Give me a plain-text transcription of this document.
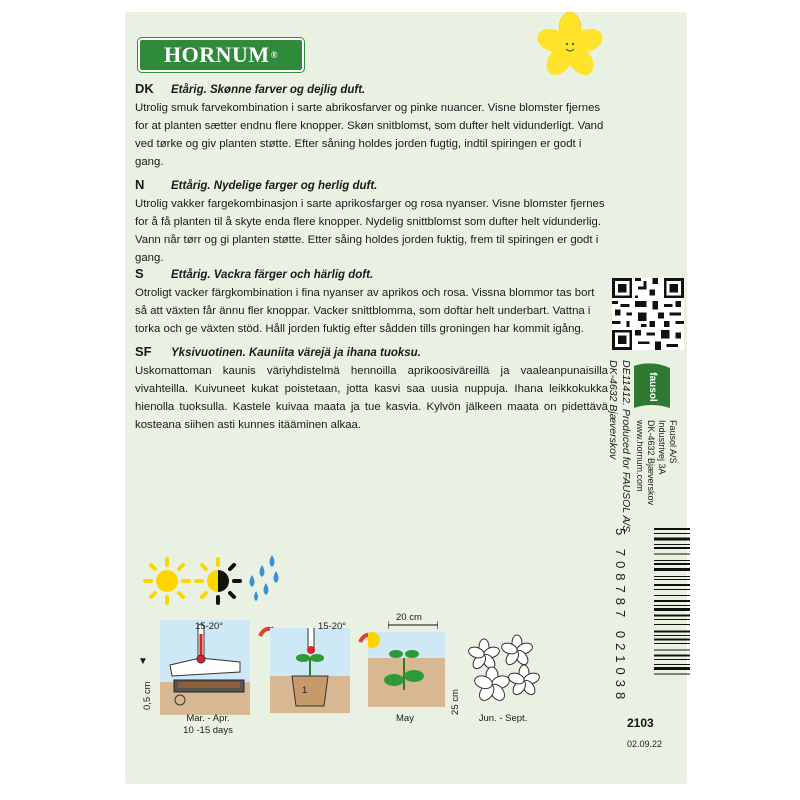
HORNUM ®
DK Etårig. Skønne farver og dejlig duft.
Utrolig smuk farvekombination i sarte abrikosfarver og pinke nuancer. Visne blomster fjernes for at planten sætter endnu flere knopper. Skøn snitblomst, som dufter helt vidunderligt. Vand ved tørke og giv planten støtte. Efter såning holdes jorden fugtig, indtil spiringen er godt i gang.
N Ettårig. Nydelige farger og herlig duft.
Utrolig vakker fargekombinasjon i sarte aprikosfarger og rosa nyanser. Visne blomster fjernes for å få planten til å skyte enda flere knopper. Nydelig snittblomst som dufter helt vidunderlig. Vann når tørr og gi planten støtte. Etter såing holdes jorden fuktig, frem til spiringen er godt i gang.
S Ettårig. Vackra färger och härlig doft.
Otroligt vacker färgkombination i fina nyanser av aprikos och rosa. Vissna blommor tas bort så att växten får ännu fler knoppar. Vacker snittblomma, som doftar helt underbart. Vattna i torka och ge växten stöd. Håll jorden fuktig efter sådden tills groningen har kommit igång.
SF Yksivuotinen. Kauniita värejä ja ihana tuoksu.
Uskomattoman kaunis väriyhdistelmä hennoilla aprikoosiväreillä ja vaaleanpunaisilla vivahteilla. Kuivuneet kukat poistetaan, jotta kasvi saa uusia nuppuja. Ihana leikkokukka hienolla tuoksulla. Kastele kuivaa maata ja tue kasvia. Kylvön jälkeen maata on pidettävä kosteana siihen asti kunnes itääminen alkaa.
fausol
DE11412. Produced for FAUSOL A/S
DK-4632 Bjæverskov	Fausol A/S
Industrivej 3A
DK-4632 Bjæverskov
www.hornum.com
5 708787 021038
2103
02.09.22
▼
0,5 cm
15-20°
1
15-20°
20 cm
25 cm
Mar. - Apr.
10 -15 days
May	Jun. - Sept.
